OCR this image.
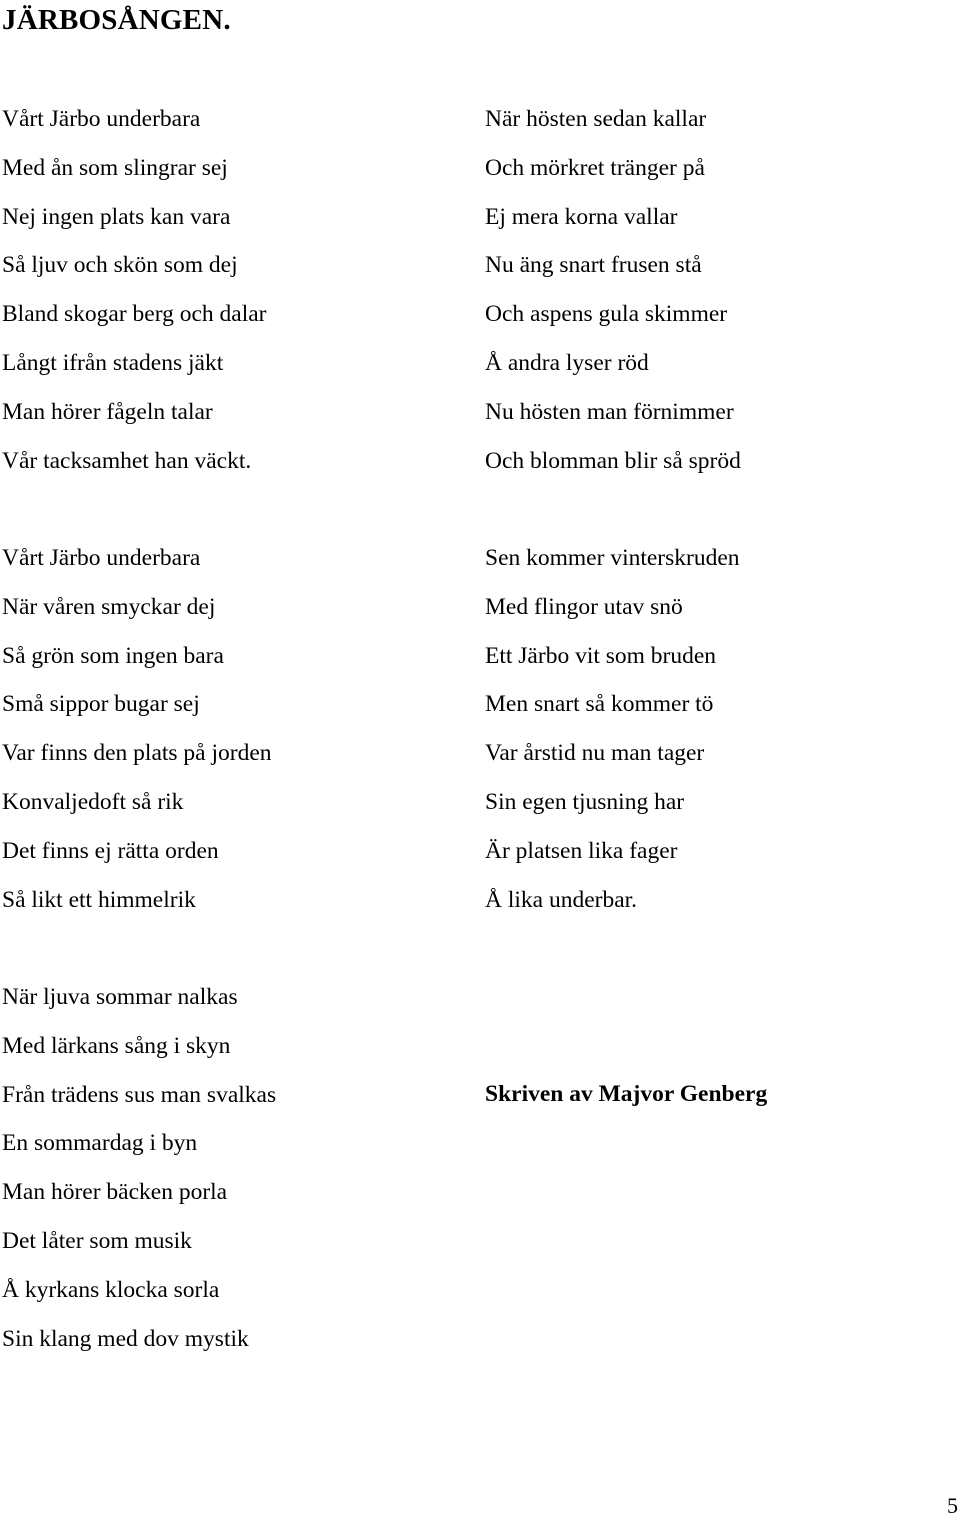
JÄRBOSÅNGEN.
Vårt Järbo underbara
Med ån som slingrar sej
Nej ingen plats kan vara
Så ljuv och skön som dej
Bland skogar berg och dalar
Långt ifrån stadens jäkt
Man hörer fågeln talar
Vår tacksamhet han väckt.
När hösten sedan kallar
Och mörkret tränger på
Ej mera korna vallar
Nu äng snart frusen stå
Och aspens gula skimmer
Å andra lyser röd
Nu hösten man förnimmer
Och blomman blir så spröd
Vårt Järbo underbara
När våren smyckar dej
Så grön som ingen bara
Små sippor bugar sej
Var finns den plats på jorden
Konvaljedoft så rik
Det finns ej rätta orden
Så likt ett himmelrik
Sen kommer vinterskruden
Med flingor utav snö
Ett Järbo vit som bruden
Men snart så kommer tö
Var årstid nu man tager
Sin egen tjusning har
Är platsen lika fager
Å lika underbar.
När ljuva sommar nalkas
Med lärkans sång i skyn
Från trädens sus man svalkas
En sommardag i byn
Man hörer bäcken porla
Det låter som musik
Å kyrkans klocka sorla
Sin klang med dov mystik

Skriven av Majvor Genberg

5
